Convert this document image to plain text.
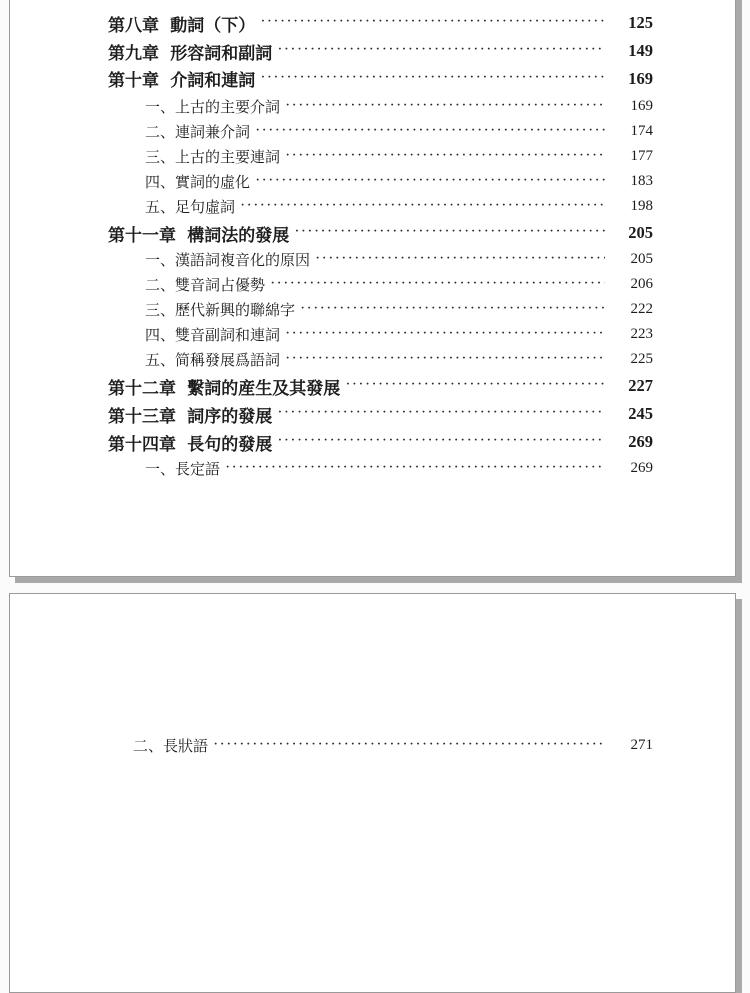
第八章 動詞（下） ·····	125
第九章 形容詞和副詞 ·····	149
第十章 介詞和連詞 ·····	169
一、上古的主要介詞 ·····	169
二、連詞兼介詞 ·····	174
三、上古的主要連詞 ·····	177
四、實詞的虛化 ·····	183
五、足句虛詞 ·····	198
第十一章 構詞法的發展 ·····	205
一、漢語詞複音化的原因 ·····	205
二、雙音詞占優勢 ·····	206
三、歷代新興的聯綿字 ·····	222
四、雙音副詞和連詞 ·····	223
五、简稱發展爲語詞 ·····	225
第十二章 繫詞的産生及其發展 ·····	227
第十三章 詞序的發展 ·····	245
第十四章 長句的發展 ·····	269
一、長定語 ·····	269
二、長狀語 ·····	271
